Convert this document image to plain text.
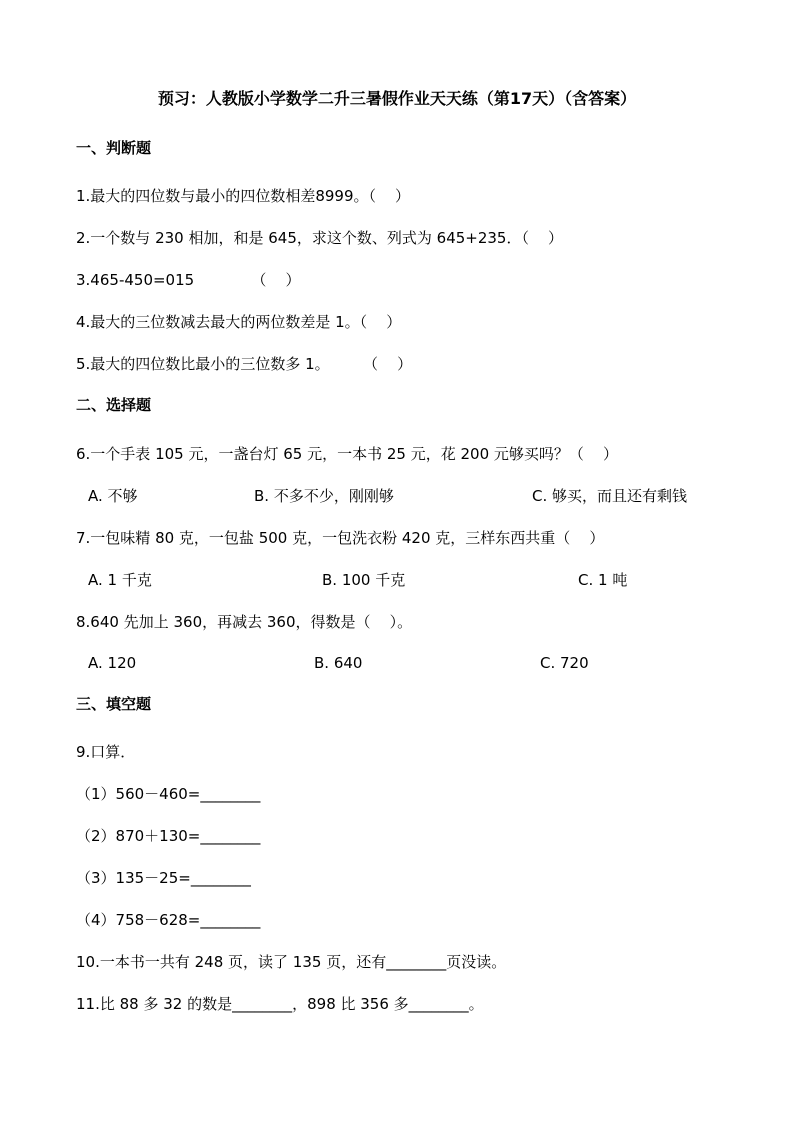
预习：人教版小学数学二升三暑假作业天天练（第17天）（含答案）
一、判断题
1.最大的四位数与最小的四位数相差8999。（    ）
2.一个数与 230 相加，和是 645，求这个数、列式为 645+235．（    ）
3.465-450=015            （    ）
4.最大的三位数减去最大的两位数差是 1。（    ）
5.最大的四位数比最小的三位数多 1。       （    ）
二、选择题
6.一个手表 105 元，一盏台灯 65 元，一本书 25 元，花 200 元够买吗？（    ）
A. 不够	B. 不多不少，刚刚够	C. 够买，而且还有剩钱
7.一包味精 80 克，一包盐 500 克，一包洗衣粉 420 克，三样东西共重（    ）
A. 1 千克	B. 100 千克	C. 1 吨
8.640 先加上 360，再减去 360，得数是（    ）。
A. 120	B. 640	C. 720
三、填空题
9.口算．
（1）560－460=________
（2）870＋130=________
（3）135－25=________
（4）758－628=________
10.一本书一共有 248 页，读了 135 页，还有________页没读。
11.比 88 多 32 的数是________，898 比 356 多________。
